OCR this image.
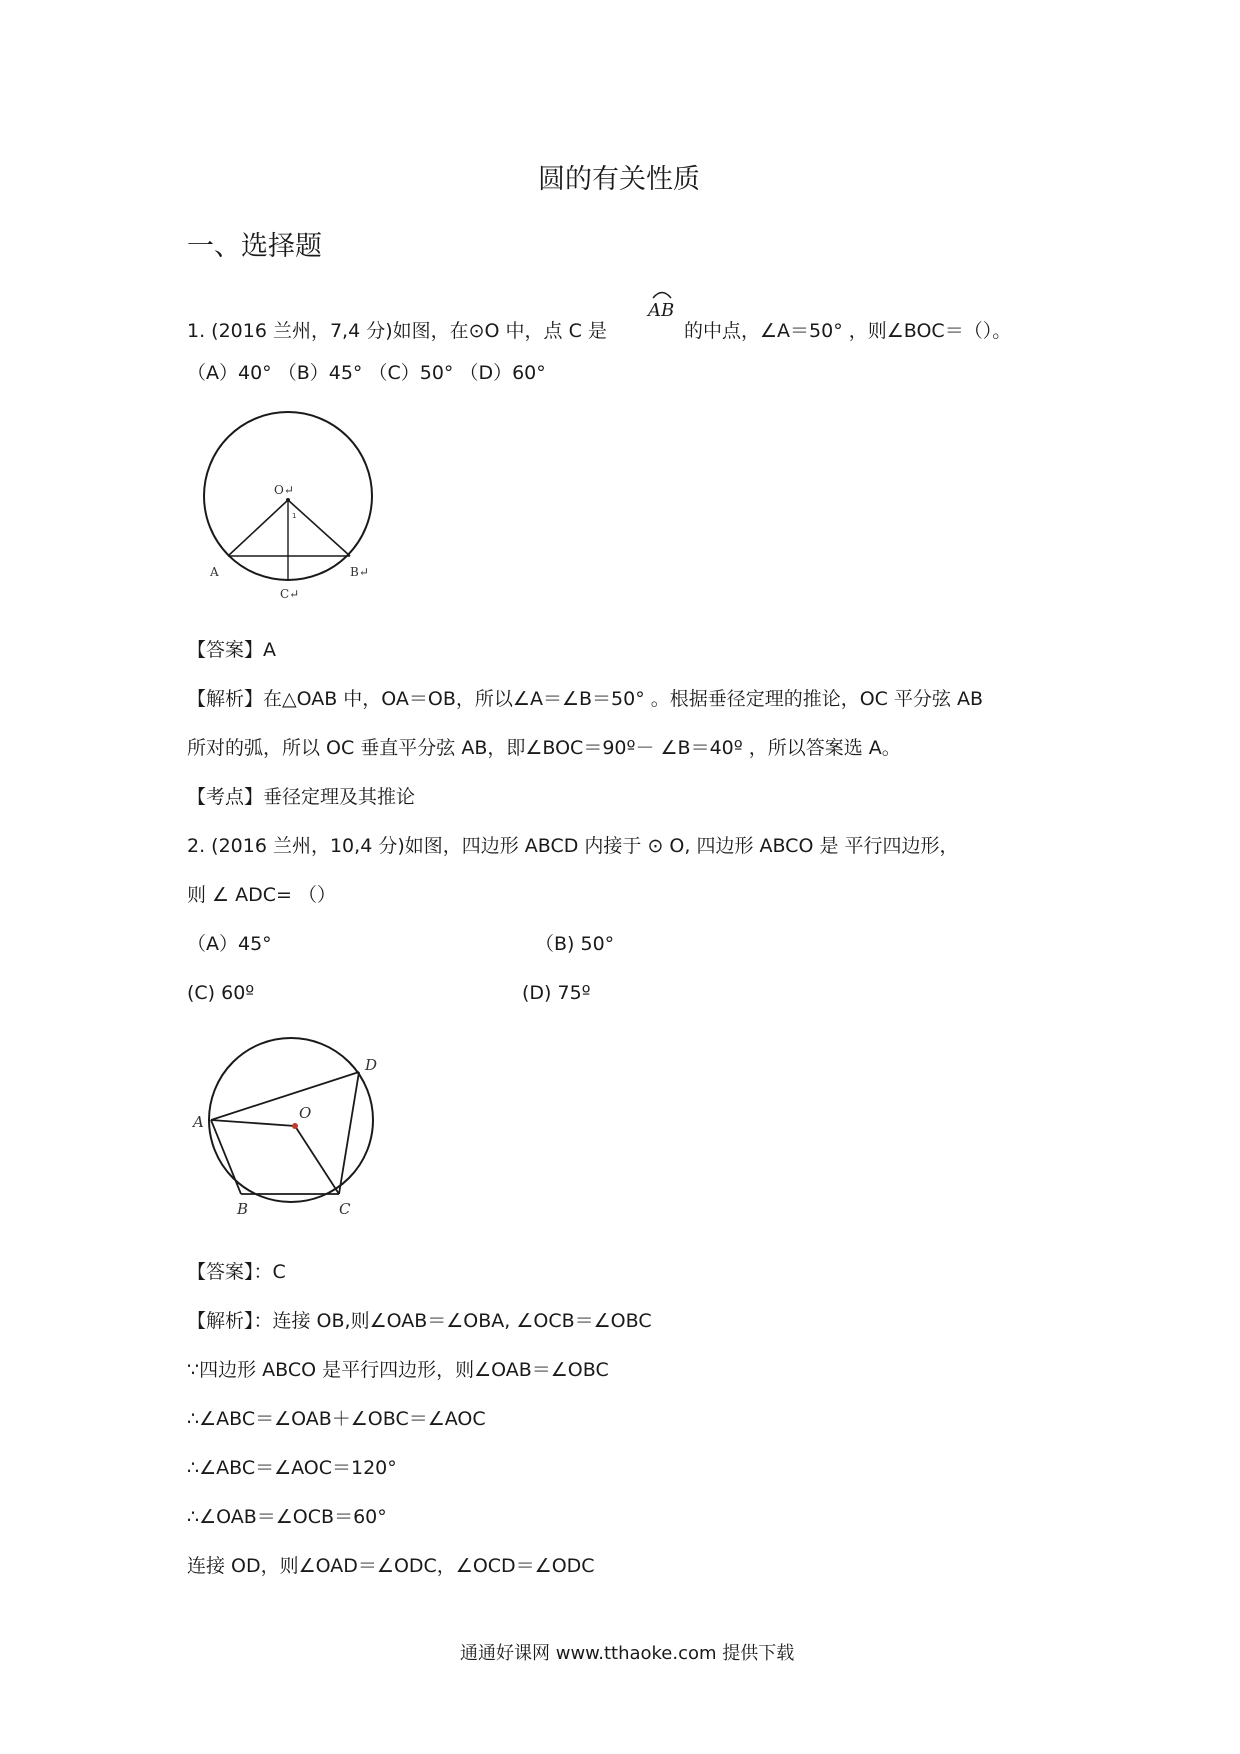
圆的有关性质
一、选择题
1. (2016 兰州，7,4 分)如图，在⊙O 中，点 C 是
AB
的中点，∠A＝50° ，则∠BOC＝（）。
（A）40° （B）45° （C）50° （D）60°
O↵
1
A	B↵
C↵
【答案】A
【解析】在△OAB 中，OA＝OB，所以∠A＝∠B＝50° 。根据垂径定理的推论，OC 平分弦 AB
所对的弧，所以 OC 垂直平分弦 AB，即∠BOC＝90º－ ∠B＝40º ，所以答案选 A。
【考点】垂径定理及其推论
2. (2016 兰州，10,4 分)如图，四边形 ABCD 内接于 ⊙ O, 四边形 ABCO 是 平行四边形，
则 ∠ ADC= （）
（A）45°	（B) 50°
(C) 60º	(D) 75º
A	O
D
B	C
【答案】：C
【解析】：连接 OB,则∠OAB＝∠OBA, ∠OCB＝∠OBC
∵四边形 ABCO 是平行四边形，则∠OAB＝∠OBC
∴∠ABC＝∠OAB＋∠OBC＝∠AOC
∴∠ABC＝∠AOC＝120°
∴∠OAB＝∠OCB＝60°
连接 OD，则∠OAD＝∠ODC，∠OCD＝∠ODC
通通好课网 www.tthaoke.com 提供下载
